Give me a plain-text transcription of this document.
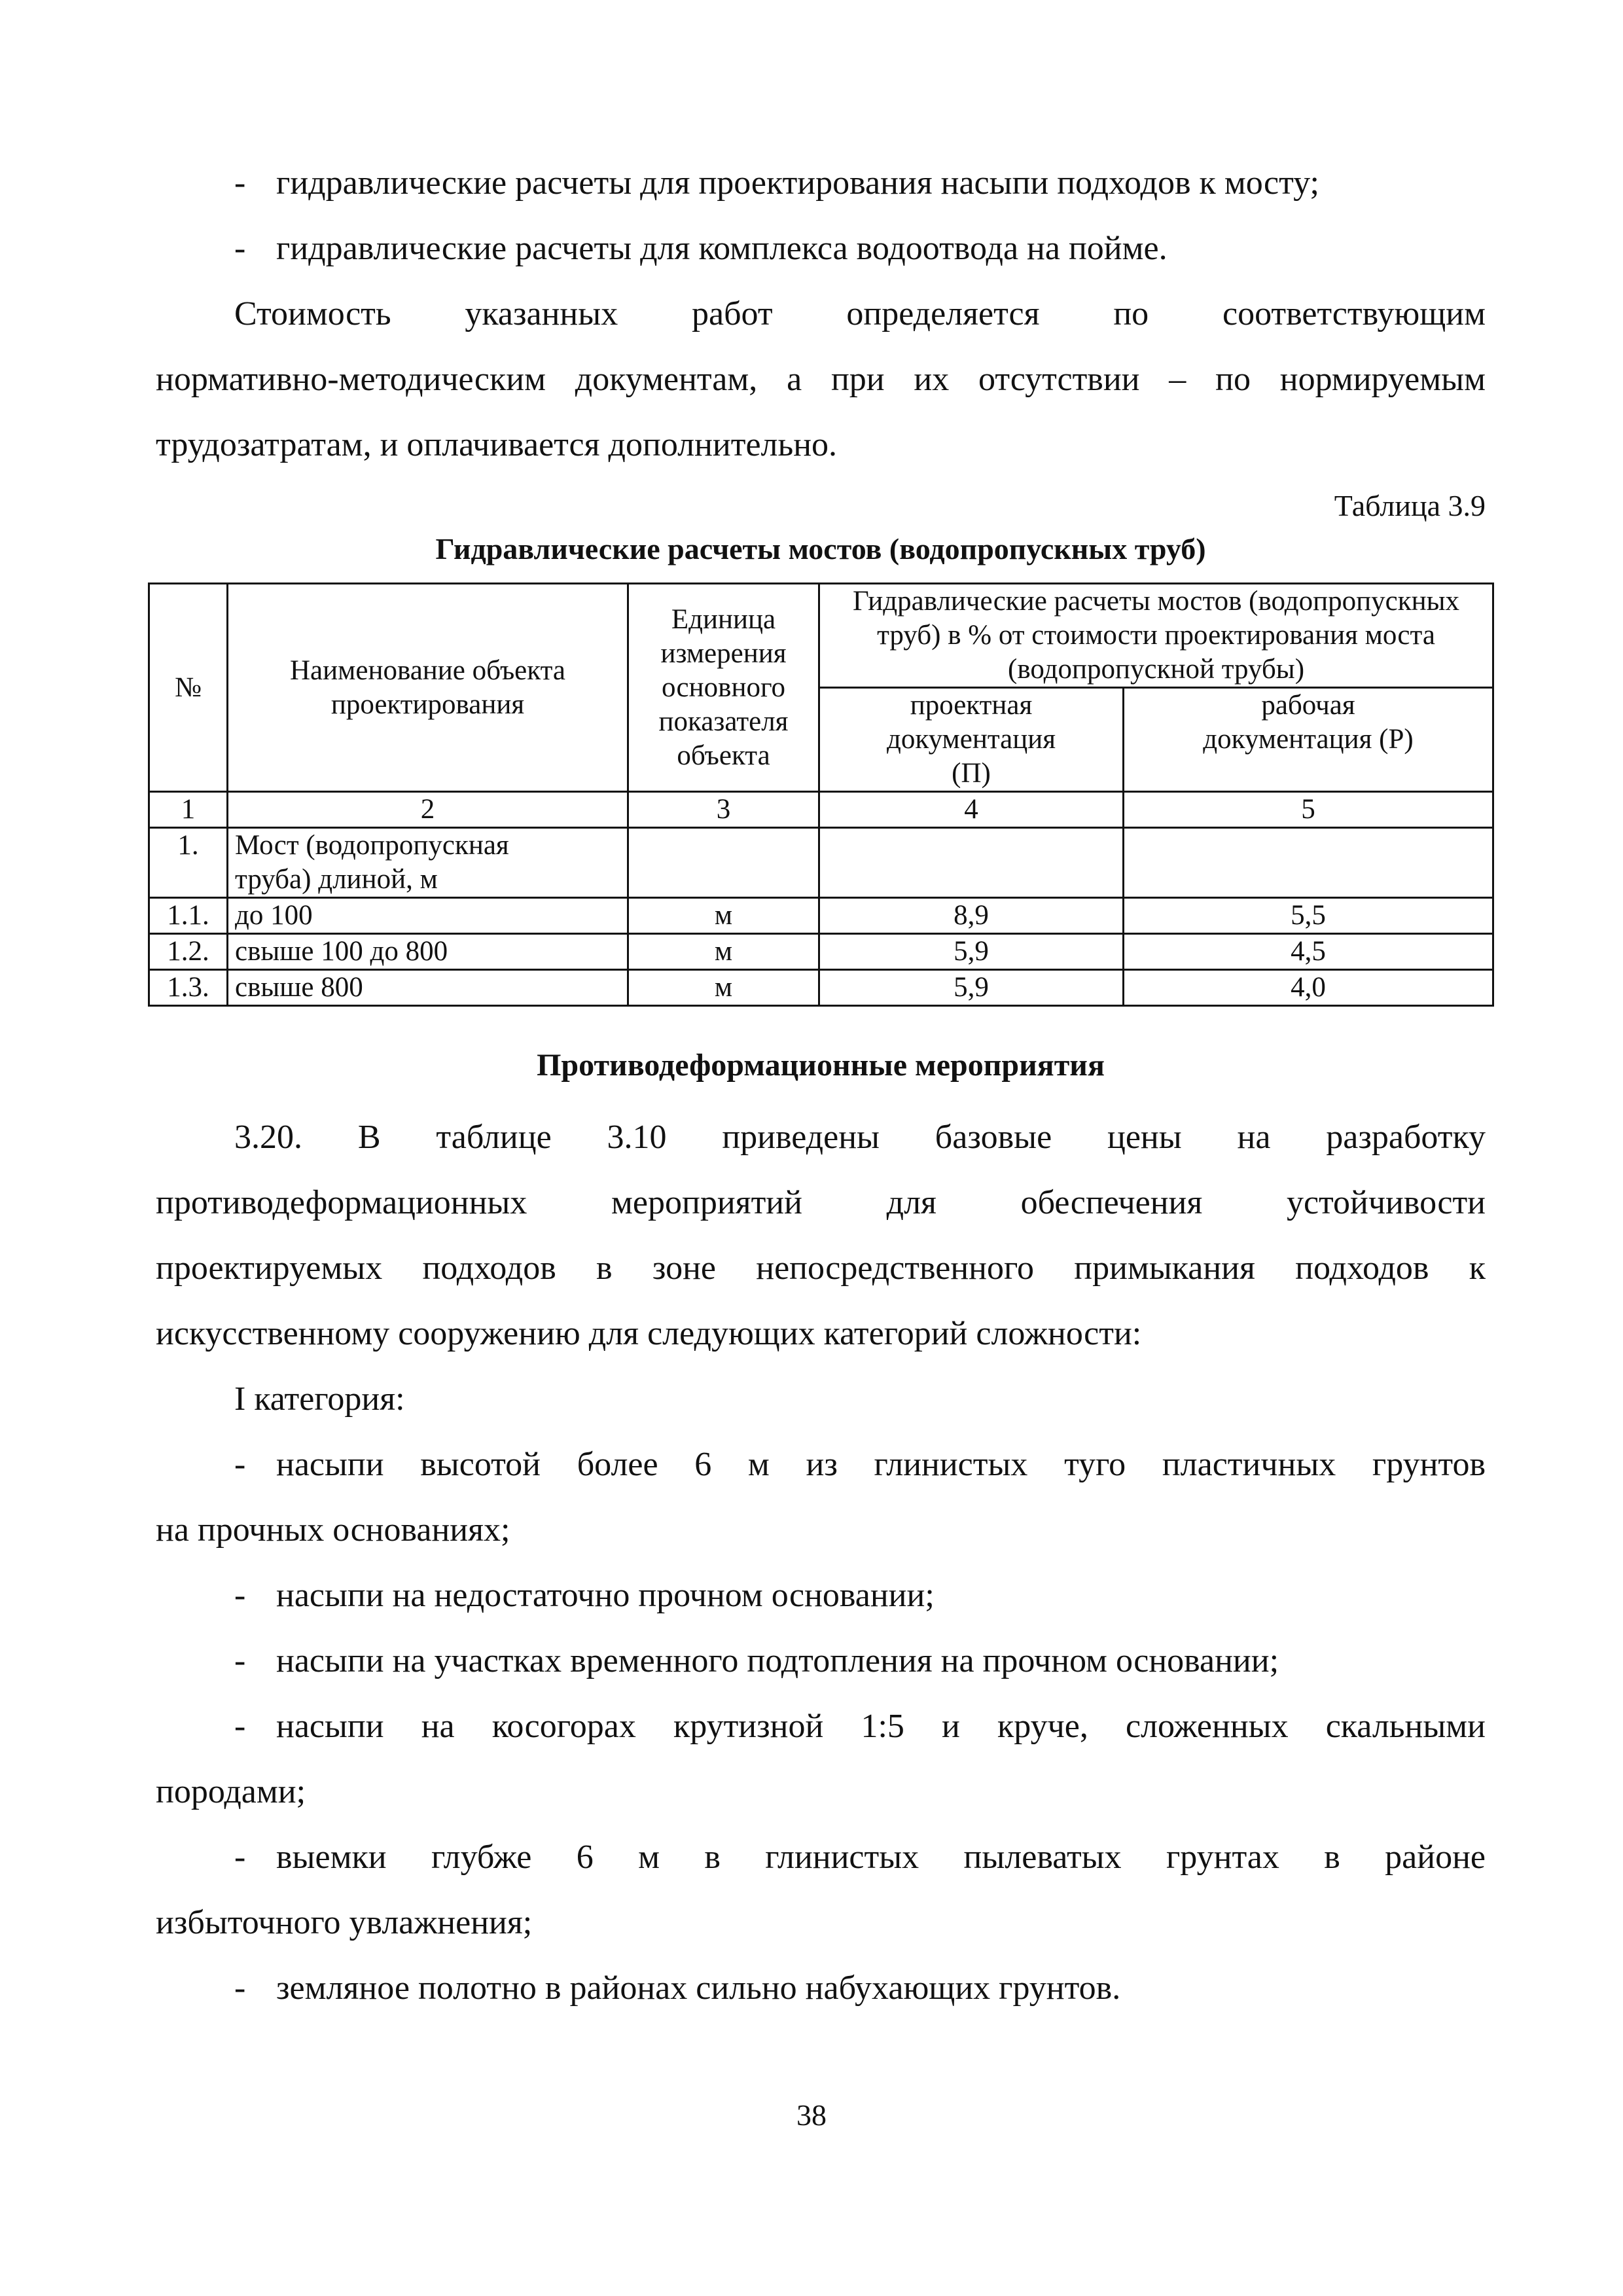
- гидравлические расчеты для проектирования насыпи подходов к мосту;
- гидравлические расчеты для комплекса водоотвода на пойме.
Стоимость указанных работ определяется по соответствующим
нормативно-методическим документам, а при их отсутствии – по нормируемым
трудозатратам, и оплачивается дополнительно.
Таблица 3.9
Гидравлические расчеты мостов (водопропускных труб)
№	Наименование объекта проектирования	Единица измерения основного показателя объекта	Гидравлические расчеты мостов (водопропускных труб) в % от стоимости проектирования моста (водопропускной трубы)	
			проектная документация (П)	рабочая документация (Р)
1	2	3	4	5
1.	Мост (водопропускная труба) длиной, м			
1.1.	до 100	м	8,9	5,5
1.2.	свыше 100 до 800	м	5,9	4,5
1.3.	свыше 800	м	5,9	4,0
Противодеформационные мероприятия
3.20. В таблице 3.10 приведены базовые цены на разработку
противодеформационных мероприятий для обеспечения устойчивости
проектируемых подходов в зоне непосредственного примыкания подходов к
искусственному сооружению для следующих категорий сложности:
I категория:
- насыпи высотой более 6 м из глинистых туго пластичных грунтов
на прочных основаниях;
- насыпи на недостаточно прочном основании;
- насыпи на участках временного подтопления на прочном основании;
- насыпи на косогорах крутизной 1:5 и круче, сложенных скальными
породами;
- выемки глубже 6 м в глинистых пылеватых грунтах в районе
избыточного увлажнения;
- земляное полотно в районах сильно набухающих грунтов.
38
